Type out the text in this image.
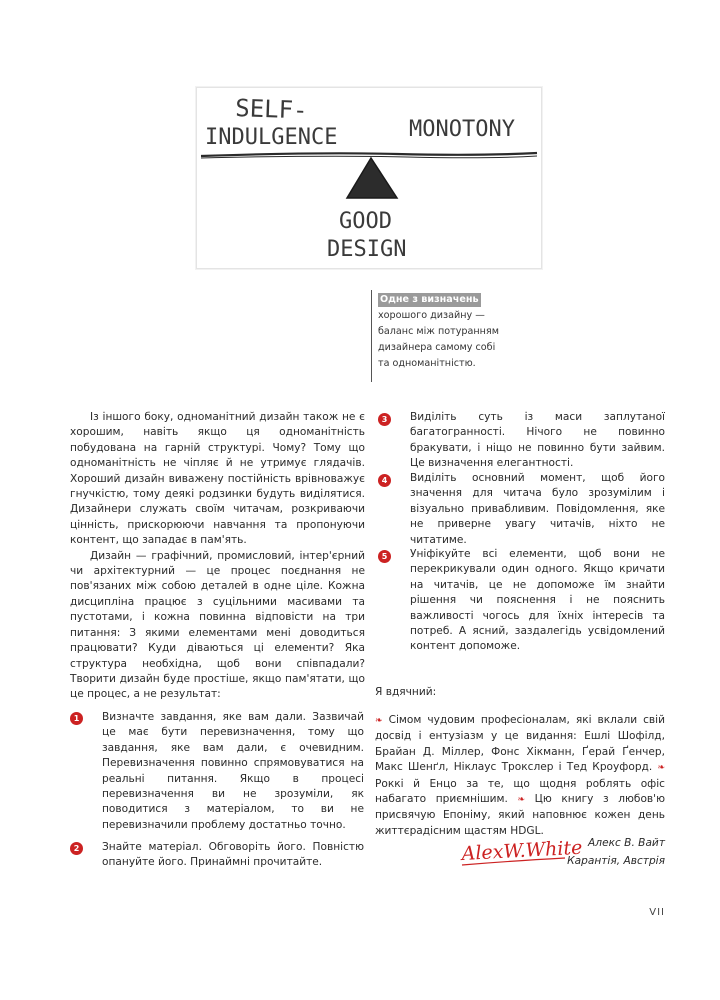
SELF-
INDULGENCE	MONOTONY
GOOD
DESIGN
Одне з визначень
хорошого дизайну —
баланс між потуранням
дизайнера самому собі
та одноманітністю.

Із іншого боку, одноманітний дизайн також не є хорошим, навіть якщо ця одноманітність побудована на гарній структурі. Чому? Тому що одноманітність не чіпляє й не утримує глядачів. Хороший дизайн виважену постійність врівноважує гнучкістю, тому деякі родзинки будуть виділятися. Дизайнери служать своїм читачам, розкриваючи цінність, прискорюючи навчання та пропонуючи контент, що западає в пам'ять.

Дизайн — графічний, промисловий, інтер'єрний чи архітектурний — це процес поєднання не пов'язаних між собою деталей в одне ціле. Кожна дисципліна працює з суцільними масивами та пустотами, і кожна повинна відповісти на три питання: З якими елементами мені доводиться працювати? Куди діваються ці елементи? Яка структура необхідна, щоб вони співпадали? Творити дизайн буде простіше, якщо пам'ятати, що це процес, а не результат:

1	Визначте завдання, яке вам дали. Зазвичай це має бути перевизначення, тому що завдання, яке вам дали, є очевидним. Перевизначення повинно спрямовуватися на реальні питання. Якщо в процесі перевизначення ви не зрозуміли, як поводитися з матеріалом, то ви не перевизначили проблему достатньо точно.
2	Знайте матеріал. Обговоріть його. Повністю опануйте його. Принаймні прочитайте.
3	Виділіть суть із маси заплутаної багатогранності. Нічого не повинно бракувати, і ніщо не повинно бути зайвим. Це визначення елегантності.
4	Виділіть основний момент, щоб його значення для читача було зрозумілим і візуально привабливим. Повідомлення, яке не приверне увагу читачів, ніхто не читатиме.
5	Уніфікуйте всі елементи, щоб вони не перекрикували один одного. Якщо кричати на читачів, це не допоможе їм знайти рішення чи пояснення і не пояснить важливості чогось для їхніх інтересів та потреб. А ясний, заздалегідь усвідомлений контент допоможе.
Я вдячний:
❧ Сімом чудовим професіоналам, які вклали свій досвід і ентузіазм у це видання: Ешлі Шофілд, Брайан Д. Міллер, Фонс Хікманн, Ґерай Ґенчер, Макс Шенґл, Ніклаус Трокслер і Тед Кроуфорд. ❧ Роккі й Енцо за те, що щодня роблять офіс набагато приємнішим. ❧ Цю книгу з любов'ю присвячую Епоніму, який наповнює кожен день життєрадісним щастям HDGL.
AlexW.White Алекс В. Вайт
Карантія, Австрія
VII
